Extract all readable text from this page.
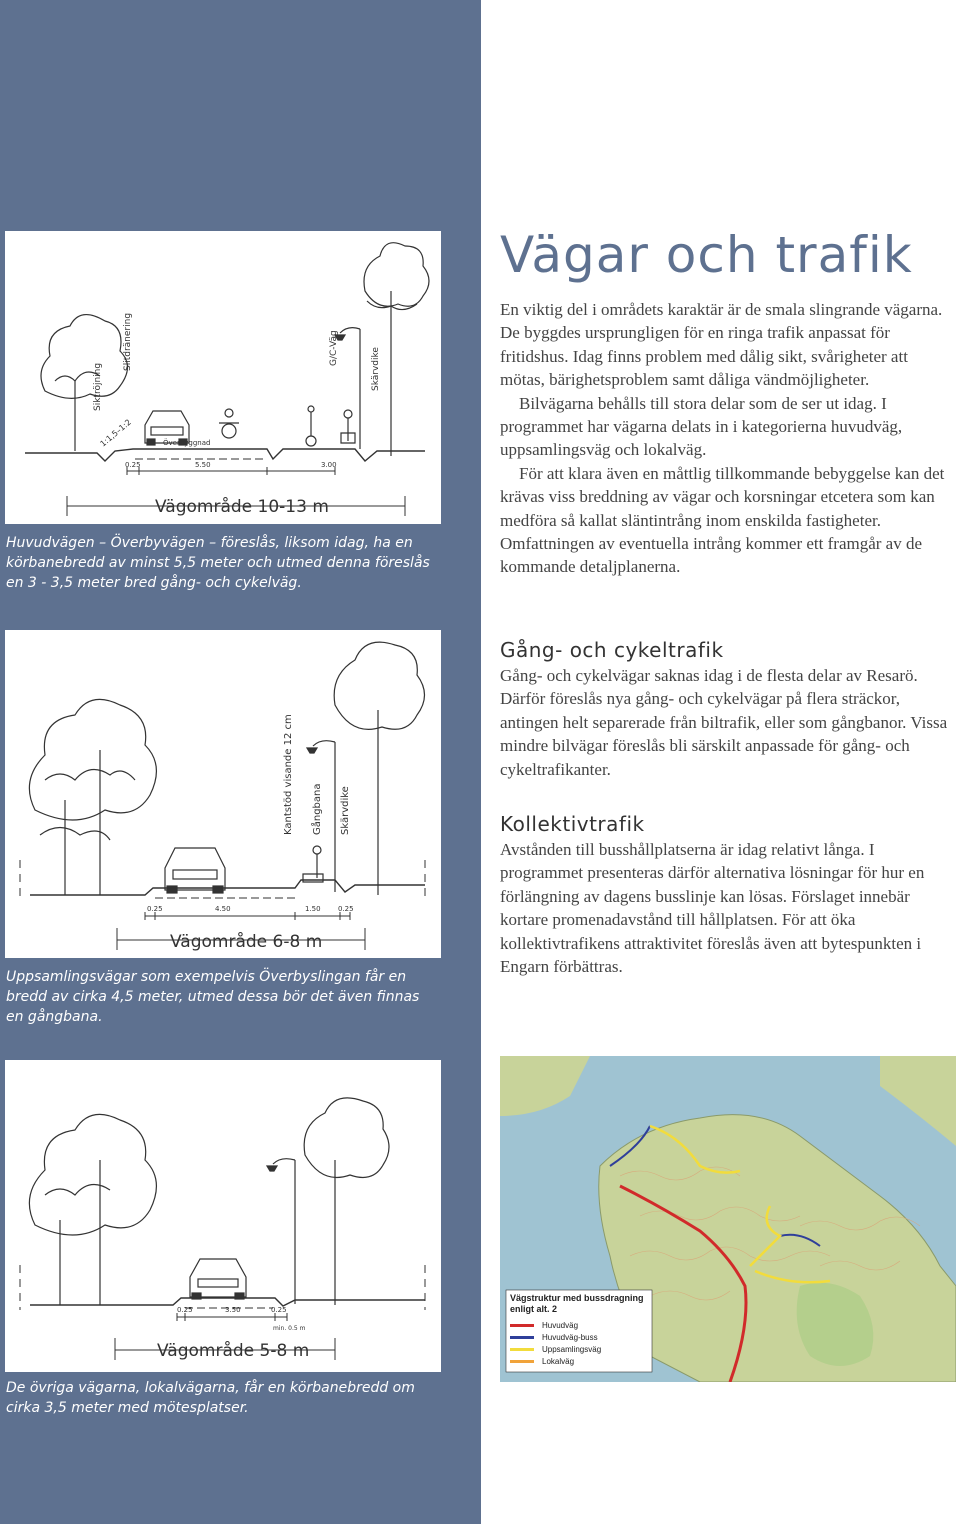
Siktröjning
Slitdränering	G/C-Väg	Skärvdike
1:1,5–1:2	Överbyggnad
0.25	5.50	3.00
Vägområde 10-13 m
Huvudvägen – Överbyvägen – föreslås, liksom idag, ha en körbanebredd av minst 5,5 meter och utmed denna föreslås en 3 - 3,5 meter bred gång- och cykelväg.
Kantstöd visande 12 cm Gångbana Skärvdike
0.25	4.50	1.50 0.25
Vägområde 6-8 m
Uppsamlingsvägar som exempelvis Överbyslingan får en bredd av cirka 4,5 meter, utmed dessa bör det även finnas en gångbana.
0.25	3.50	0.25
min. 0.5 m
Vägområde 5-8 m
De övriga vägarna, lokalvägarna, får en körbanebredd om cirka 3,5 meter med mötesplatser.
Vägar och trafik

En viktig del i områdets karaktär är de smala slingrande vägarna. De byggdes ursprungligen för en ringa trafik anpassat för fritidshus. Idag finns problem med dålig sikt, svårigheter att mötas, bärighetsproblem samt dåliga vändmöjligheter.

Bilvägarna behålls till stora delar som de ser ut idag. I programmet har vägarna delats in i kategorierna huvudväg, uppsamlingsväg och lokalväg.

För att klara även en måttlig tillkommande bebyggelse kan det krävas viss breddning av vägar och korsningar etcetera som kan medföra så kallat släntintrång inom enskilda fastigheter. Omfattningen av eventuella intrång kommer ett framgår av de kommande detaljplanerna.

Gång- och cykeltrafik

Gång- och cykelvägar saknas idag i de flesta delar av Resarö. Därför föreslås nya gång- och cykelvägar på flera sträckor, antingen helt separerade från biltrafik, eller som gångbanor. Vissa mindre bilvägar föreslås bli särskilt anpassade för gång- och cykeltrafikanter.

Kollektivtrafik

Avstånden till busshållplatserna är idag relativt långa. I programmet presenteras därför alternativa lösningar för hur en förlängning av dagens busslinje kan lösas. Förslaget innebär kortare promenadavstånd till hållplatsen. För att öka kollektivtrafikens attraktivitet föreslås även att bytespunkten i Engarn förbättras.

Vägstruktur med bussdragning enligt alt. 2
Huvudväg
Huvudväg-buss
Uppsamlingsväg
Lokalväg
